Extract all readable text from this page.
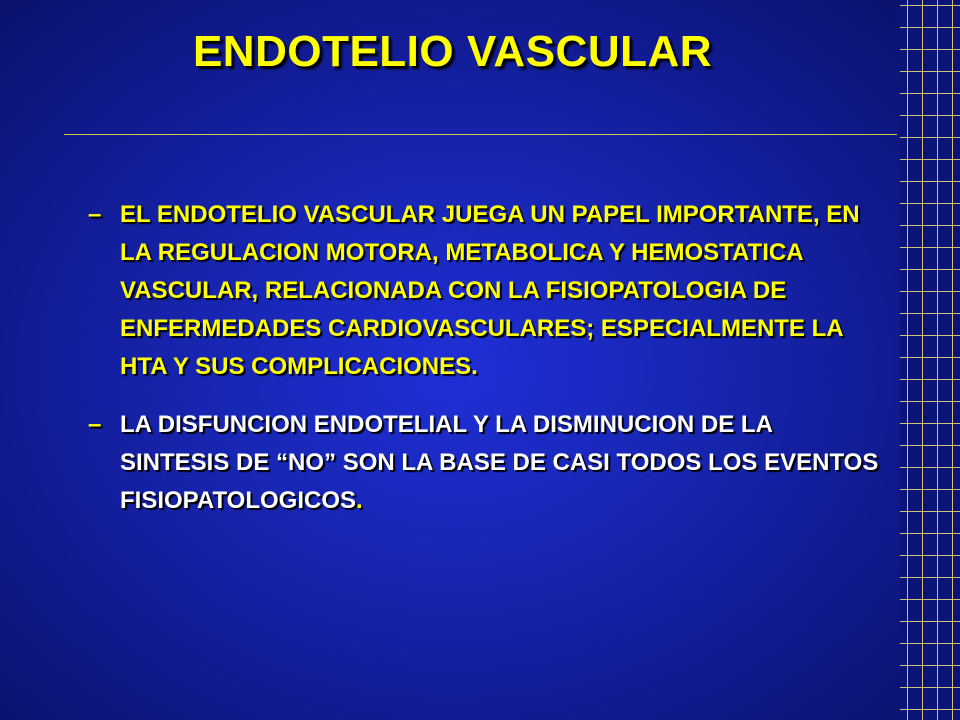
ENDOTELIO VASCULAR
– EL ENDOTELIO VASCULAR JUEGA UN PAPEL IMPORTANTE, EN LA REGULACION MOTORA, METABOLICA Y HEMOSTATICA VASCULAR, RELACIONADA CON LA FISIOPATOLOGIA DE ENFERMEDADES CARDIOVASCULARES; ESPECIALMENTE LA HTA Y SUS COMPLICACIONES.
– LA DISFUNCION ENDOTELIAL Y LA DISMINUCION DE LA SINTESIS DE “NO” SON LA BASE DE CASI TODOS LOS EVENTOS FISIOPATOLOGICOS.
